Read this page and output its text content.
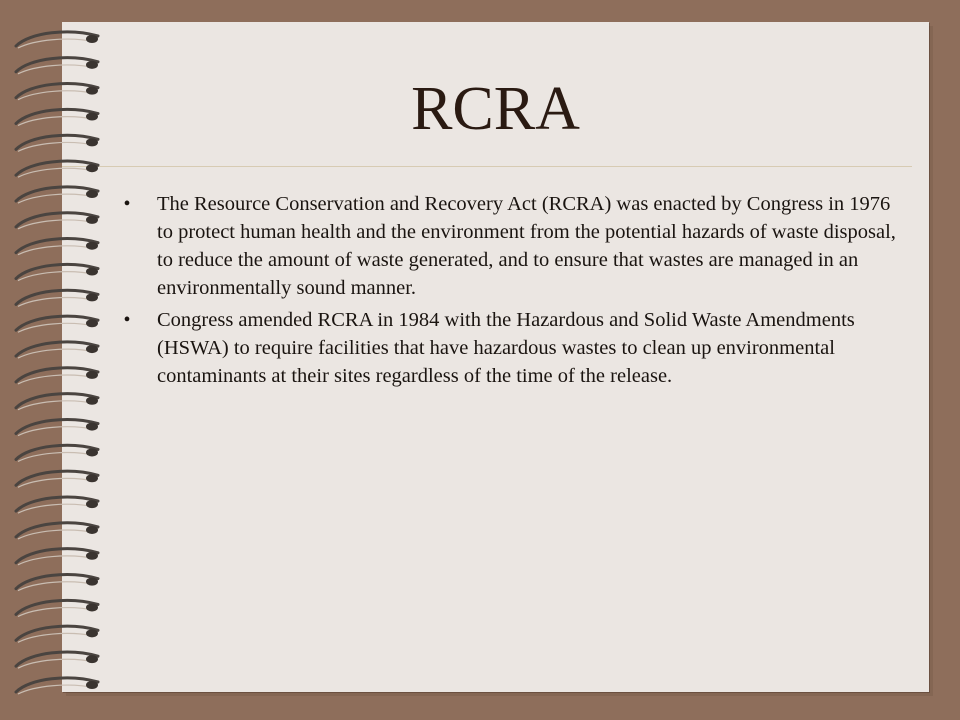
RCRA
•	The Resource Conservation and Recovery Act (RCRA) was enacted by Congress in 1976 to protect human health and the environment from the potential hazards of waste disposal, to reduce the amount of waste generated, and to ensure that wastes are managed in an environmentally sound manner.
•	Congress amended RCRA in 1984 with the Hazardous and Solid Waste Amendments (HSWA) to require facilities that have hazardous wastes to clean up environmental contaminants at their sites regardless of the time of the release.
